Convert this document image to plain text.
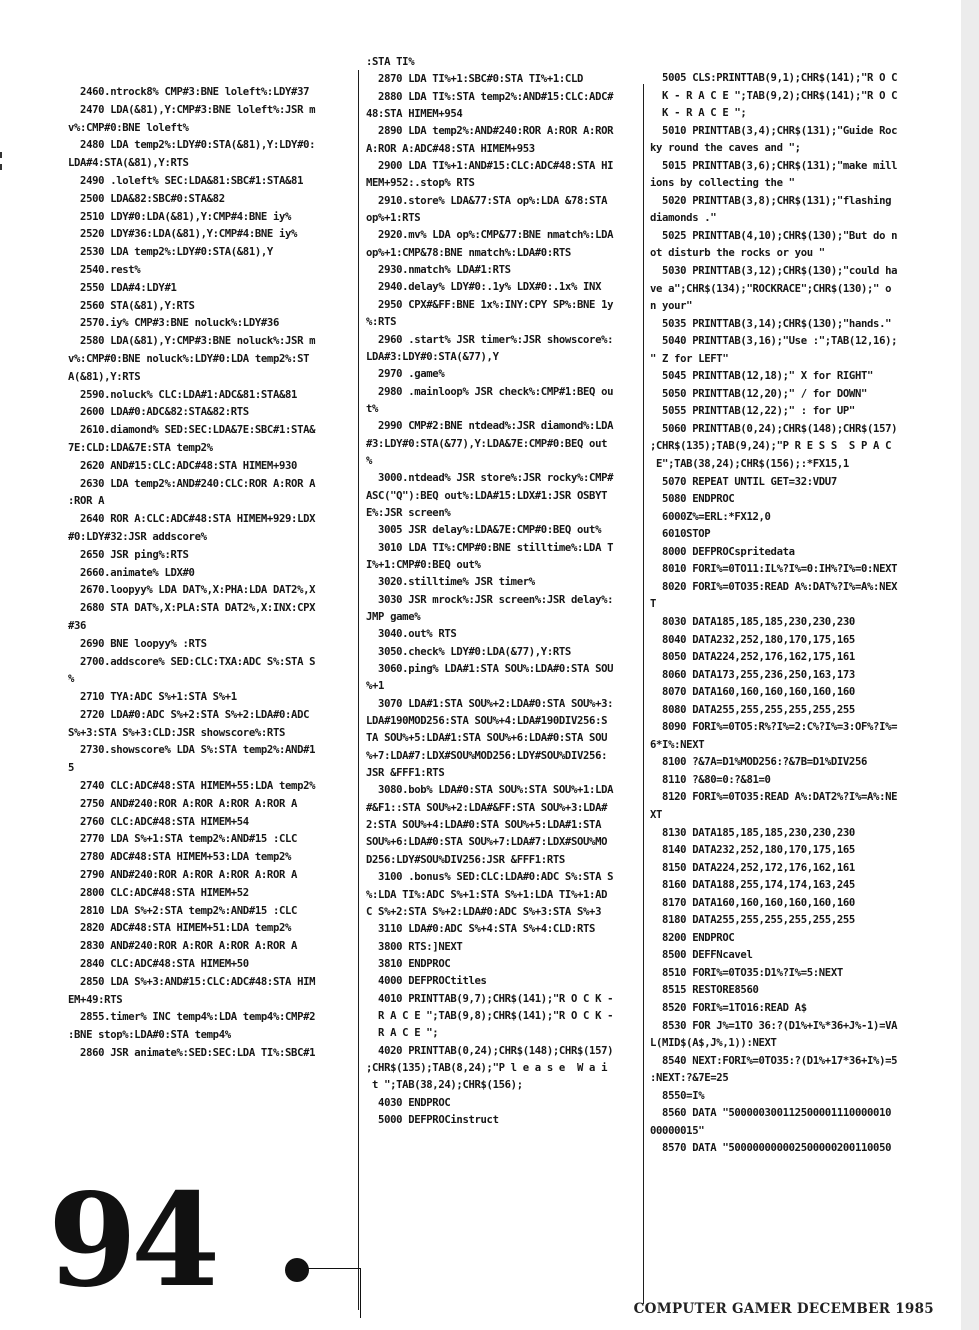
2460.ntrock8% CMP#3:BNE loleft%:LDY#37
2470 LDA(&81),Y:CMP#3:BNE loleft%:JSR m
v%:CMP#0:BNE loleft%
2480 LDA temp2%:LDY#0:STA(&81),Y:LDY#0:
LDA#4:STA(&81),Y:RTS
2490 .loleft% SEC:LDA&81:SBC#1:STA&81
2500 LDA&82:SBC#0:STA&82
2510 LDY#0:LDA(&81),Y:CMP#4:BNE iy%
2520 LDY#36:LDA(&81),Y:CMP#4:BNE iy%
2530 LDA temp2%:LDY#0:STA(&81),Y
2540.rest%
2550 LDA#4:LDY#1
2560 STA(&81),Y:RTS
2570.iy% CMP#3:BNE noluck%:LDY#36
2580 LDA(&81),Y:CMP#3:BNE noluck%:JSR m
v%:CMP#0:BNE noluck%:LDY#0:LDA temp2%:ST
A(&81),Y:RTS
2590.noluck% CLC:LDA#1:ADC&81:STA&81
2600 LDA#0:ADC&82:STA&82:RTS
2610.diamond% SED:SEC:LDA&7E:SBC#1:STA&
7E:CLD:LDA&7E:STA temp2%
2620 AND#15:CLC:ADC#48:STA HIMEM+930
2630 LDA temp2%:AND#240:CLC:ROR A:ROR A
:ROR A
2640 ROR A:CLC:ADC#48:STA HIMEM+929:LDX
#0:LDY#32:JSR addscore%
2650 JSR ping%:RTS
2660.animate% LDX#0
2670.loopyy% LDA DAT%,X:PHA:LDA DAT2%,X
2680 STA DAT%,X:PLA:STA DAT2%,X:INX:CPX
#36
2690 BNE loopyy% :RTS
2700.addscore% SED:CLC:TXA:ADC S%:STA S
%
2710 TYA:ADC S%+1:STA S%+1
2720 LDA#0:ADC S%+2:STA S%+2:LDA#0:ADC
S%+3:STA S%+3:CLD:JSR showscore%:RTS
2730.showscore% LDA S%:STA temp2%:AND#1
5
2740 CLC:ADC#48:STA HIMEM+55:LDA temp2%
2750 AND#240:ROR A:ROR A:ROR A:ROR A
2760 CLC:ADC#48:STA HIMEM+54
2770 LDA S%+1:STA temp2%:AND#15 :CLC
2780 ADC#48:STA HIMEM+53:LDA temp2%
2790 AND#240:ROR A:ROR A:ROR A:ROR A
2800 CLC:ADC#48:STA HIMEM+52
2810 LDA S%+2:STA temp2%:AND#15 :CLC
2820 ADC#48:STA HIMEM+51:LDA temp2%
2830 AND#240:ROR A:ROR A:ROR A:ROR A
2840 CLC:ADC#48:STA HIMEM+50
2850 LDA S%+3:AND#15:CLC:ADC#48:STA HIM
EM+49:RTS
2855.timer% INC temp4%:LDA temp4%:CMP#2
:BNE stop%:LDA#0:STA temp4%
2860 JSR animate%:SED:SEC:LDA TI%:SBC#1
:STA TI%
2870 LDA TI%+1:SBC#0:STA TI%+1:CLD
2880 LDA TI%:STA temp2%:AND#15:CLC:ADC#
48:STA HIMEM+954
2890 LDA temp2%:AND#240:ROR A:ROR A:ROR
A:ROR A:ADC#48:STA HIMEM+953
2900 LDA TI%+1:AND#15:CLC:ADC#48:STA HI
MEM+952:.stop% RTS
2910.store% LDA&77:STA op%:LDA &78:STA
op%+1:RTS
2920.mv% LDA op%:CMP&77:BNE nmatch%:LDA
op%+1:CMP&78:BNE nmatch%:LDA#0:RTS
2930.nmatch% LDA#1:RTS
2940.delay% LDY#0:.1y% LDX#0:.1x% INX
2950 CPX#&FF:BNE 1x%:INY:CPY SP%:BNE 1y
%:RTS
2960 .start% JSR timer%:JSR showscore%:
LDA#3:LDY#0:STA(&77),Y
2970 .game%
2980 .mainloop% JSR check%:CMP#1:BEQ ou
t%
2990 CMP#2:BNE ntdead%:JSR diamond%:LDA
#3:LDY#0:STA(&77),Y:LDA&7E:CMP#0:BEQ out
%
3000.ntdead% JSR store%:JSR rocky%:CMP#
ASC("Q"):BEQ out%:LDA#15:LDX#1:JSR OSBYT
E%:JSR screen%
3005 JSR delay%:LDA&7E:CMP#0:BEQ out%
3010 LDA TI%:CMP#0:BNE stilltime%:LDA T
I%+1:CMP#0:BEQ out%
3020.stilltime% JSR timer%
3030 JSR mrock%:JSR screen%:JSR delay%:
JMP game%
3040.out% RTS
3050.check% LDY#0:LDA(&77),Y:RTS
3060.ping% LDA#1:STA SOU%:LDA#0:STA SOU
%+1
3070 LDA#1:STA SOU%+2:LDA#0:STA SOU%+3:
LDA#190MOD256:STA SOU%+4:LDA#190DIV256:S
TA SOU%+5:LDA#1:STA SOU%+6:LDA#0:STA SOU
%+7:LDA#7:LDX#SOU%MOD256:LDY#SOU%DIV256:
JSR &FFF1:RTS
3080.bob% LDA#0:STA SOU%:STA SOU%+1:LDA
#&F1::STA SOU%+2:LDA#&FF:STA SOU%+3:LDA#
2:STA SOU%+4:LDA#0:STA SOU%+5:LDA#1:STA
SOU%+6:LDA#0:STA SOU%+7:LDA#7:LDX#SOU%MO
D256:LDY#SOU%DIV256:JSR &FFF1:RTS
3100 .bonus% SED:CLC:LDA#0:ADC S%:STA S
%:LDA TI%:ADC S%+1:STA S%+1:LDA TI%+1:AD
C S%+2:STA S%+2:LDA#0:ADC S%+3:STA S%+3
3110 LDA#0:ADC S%+4:STA S%+4:CLD:RTS
3800 RTS:]NEXT
3810 ENDPROC
4000 DEFPROCtitles
4010 PRINTTAB(9,7);CHR$(141);"R O C K -
R A C E ";TAB(9,8);CHR$(141);"R O C K -
R A C E ";
4020 PRINTTAB(0,24);CHR$(148);CHR$(157)
;CHR$(135);TAB(8,24);"P l e a s e  W a i
t ";TAB(38,24);CHR$(156);
4030 ENDPROC
5000 DEFPROCinstruct
5005 CLS:PRINTTAB(9,1);CHR$(141);"R O C
K - R A C E ";TAB(9,2);CHR$(141);"R O C
K - R A C E ";
5010 PRINTTAB(3,4);CHR$(131);"Guide Roc
ky round the caves and ";
5015 PRINTTAB(3,6);CHR$(131);"make mill
ions by collecting the "
5020 PRINTTAB(3,8);CHR$(131);"flashing
diamonds ."
5025 PRINTTAB(4,10);CHR$(130);"But do n
ot disturb the rocks or you "
5030 PRINTTAB(3,12);CHR$(130);"could ha
ve a";CHR$(134);"ROCKRACE";CHR$(130);" o
n your"
5035 PRINTTAB(3,14);CHR$(130);"hands."
5040 PRINTTAB(3,16);"Use :";TAB(12,16);
" Z for LEFT"
5045 PRINTTAB(12,18);" X for RIGHT"
5050 PRINTTAB(12,20);" / for DOWN"
5055 PRINTTAB(12,22);" : for UP"
5060 PRINTTAB(0,24);CHR$(148);CHR$(157)
;CHR$(135);TAB(9,24);"P R E S S  S P A C
E";TAB(38,24);CHR$(156);:*FX15,1
5070 REPEAT UNTIL GET=32:VDU7
5080 ENDPROC
6000Z%=ERL:*FX12,0
6010STOP
8000 DEFPROCspritedata
8010 FORI%=0TO11:IL%?I%=0:IH%?I%=0:NEXT
8020 FORI%=0TO35:READ A%:DAT%?I%=A%:NEX
T
8030 DATA185,185,185,230,230,230
8040 DATA232,252,180,170,175,165
8050 DATA224,252,176,162,175,161
8060 DATA173,255,236,250,163,173
8070 DATA160,160,160,160,160,160
8080 DATA255,255,255,255,255,255
8090 FORI%=0TO5:R%?I%=2:C%?I%=3:OF%?I%=
6*I%:NEXT
8100 ?&7A=D1%MOD256:?&7B=D1%DIV256
8110 ?&80=0:?&81=0
8120 FORI%=0TO35:READ A%:DAT2%?I%=A%:NE
XT
8130 DATA185,185,185,230,230,230
8140 DATA232,252,180,170,175,165
8150 DATA224,252,172,176,162,161
8160 DATA188,255,174,174,163,245
8170 DATA160,160,160,160,160,160
8180 DATA255,255,255,255,255,255
8200 ENDPROC
8500 DEFFNcavel
8510 FORI%=0TO35:D1%?I%=5:NEXT
8515 RESTORE8560
8520 FORI%=1TO16:READ A$
8530 FOR J%=1TO 36:?(D1%+I%*36+J%-1)=VA
L(MID$(A$,J%,1)):NEXT
8540 NEXT:FORI%=0TO35:?(D1%+17*36+I%)=5
:NEXT:?&7E=25
8550=I%
8560 DATA "500000300112500001110000010
00000015"
8570 DATA "500000000002500000200110050
94	COMPUTER GAMER DECEMBER 1985
